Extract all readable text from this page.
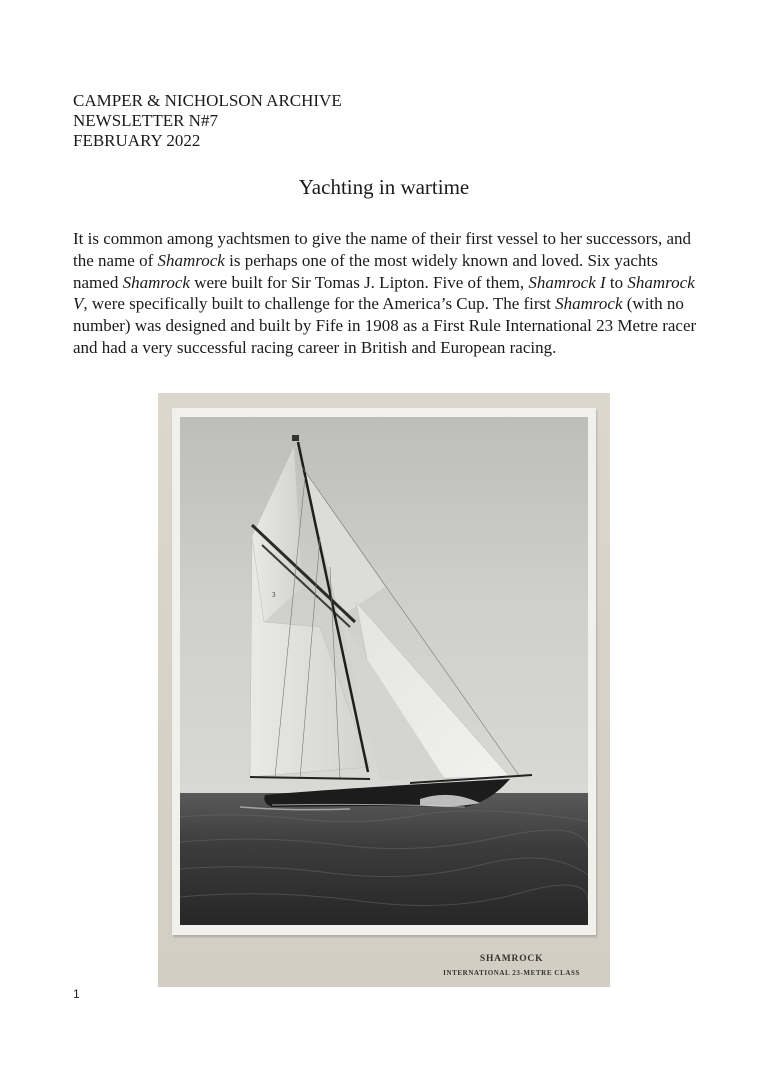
CAMPER & NICHOLSON ARCHIVE
NEWSLETTER N#7
FEBRUARY 2022
Yachting in wartime

It is common among yachtsmen to give the name of their first vessel to her successors, and the name of Shamrock is perhaps one of the most widely known and loved. Six yachts named Shamrock were built for Sir Tomas J. Lipton. Five of them, Shamrock I to Shamrock V, were specifically built to challenge for the America’s Cup. The first Shamrock (with no number) was designed and built by Fife in 1908 as a First Rule International 23 Metre racer and had a very successful racing career in British and European racing.

3
SHAMROCK
INTERNATIONAL 23-METRE CLASS
1
